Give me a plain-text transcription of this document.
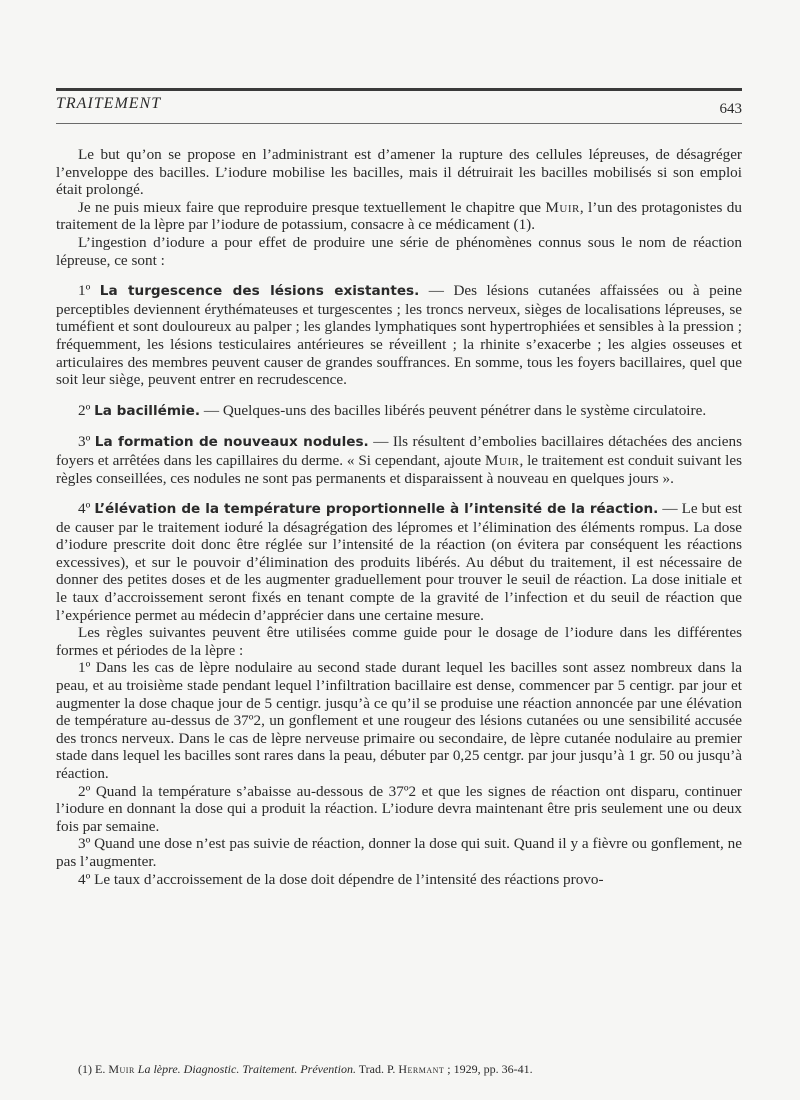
TRAITEMENT	643

Le but qu’on se propose en l’administrant est d’amener la rupture des cellules lépreuses, de désagréger l’enveloppe des bacilles. L’iodure mobilise les bacilles, mais il détruirait les bacilles mobilisés si son emploi était prolongé.

Je ne puis mieux faire que reproduire presque textuellement le chapitre que Muir, l’un des protagonistes du traitement de la lèpre par l’iodure de potassium, consacre à ce médicament (1).

L’ingestion d’iodure a pour effet de produire une série de phénomènes connus sous le nom de réaction lépreuse, ce sont :

1º La turgescence des lésions existantes. — Des lésions cutanées affaissées ou à peine perceptibles deviennent érythémateuses et turgescentes ; les troncs nerveux, sièges de localisations lépreuses, se tuméfient et sont douloureux au palper ; les glandes lymphatiques sont hypertrophiées et sensibles à la pression ; fréquemment, les lésions testiculaires antérieures se réveillent ; la rhinite s’exacerbe ; les algies osseuses et articulaires des membres peuvent causer de grandes souffrances. En somme, tous les foyers bacillaires, quel que soit leur siège, peuvent entrer en recrudescence.

2º La bacillémie. — Quelques-uns des bacilles libérés peuvent pénétrer dans le système circulatoire.

3º La formation de nouveaux nodules. — Ils résultent d’embolies bacillaires détachées des anciens foyers et arrêtées dans les capillaires du derme. « Si cependant, ajoute Muir, le traitement est conduit suivant les règles conseillées, ces nodules ne sont pas permanents et disparaissent à nouveau en quelques jours ».

4º L’élévation de la température proportionnelle à l’intensité de la réaction. — Le but est de causer par le traitement ioduré la désagrégation des lépromes et l’élimination des éléments rompus. La dose d’iodure prescrite doit donc être réglée sur l’intensité de la réaction (on évitera par conséquent les réactions excessives), et sur le pouvoir d’élimination des produits libérés. Au début du traitement, il est nécessaire de donner des petites doses et de les augmenter graduellement pour trouver le seuil de réaction. La dose initiale et le taux d’accroissement seront fixés en tenant compte de la gravité de l’infection et du seuil de réaction que l’expérience permet au médecin d’apprécier dans une certaine mesure.

Les règles suivantes peuvent être utilisées comme guide pour le dosage de l’iodure dans les différentes formes et périodes de la lèpre :

1º Dans les cas de lèpre nodulaire au second stade durant lequel les bacilles sont assez nombreux dans la peau, et au troisième stade pendant lequel l’infiltration bacillaire est dense, commencer par 5 centigr. par jour et augmenter la dose chaque jour de 5 centigr. jusqu’à ce qu’il se produise une réaction annoncée par une élévation de température au-dessus de 37º2, un gonflement et une rougeur des lésions cutanées ou une sensibilité accusée des troncs nerveux. Dans le cas de lèpre nerveuse primaire ou secondaire, de lèpre cutanée nodulaire au premier stade dans lequel les bacilles sont rares dans la peau, débuter par 0,25 centgr. par jour jusqu’à 1 gr. 50 ou jusqu’à réaction.

2º Quand la température s’abaisse au-dessous de 37º2 et que les signes de réaction ont disparu, continuer l’iodure en donnant la dose qui a produit la réaction. L’iodure devra maintenant être pris seulement une ou deux fois par semaine.

3º Quand une dose n’est pas suivie de réaction, donner la dose qui suit. Quand il y a fièvre ou gonflement, ne pas l’augmenter.

4º Le taux d’accroissement de la dose doit dépendre de l’intensité des réactions provo-

(1) E. Muir La lèpre. Diagnostic. Traitement. Prévention. Trad. P. Hermant ; 1929, pp. 36-41.
